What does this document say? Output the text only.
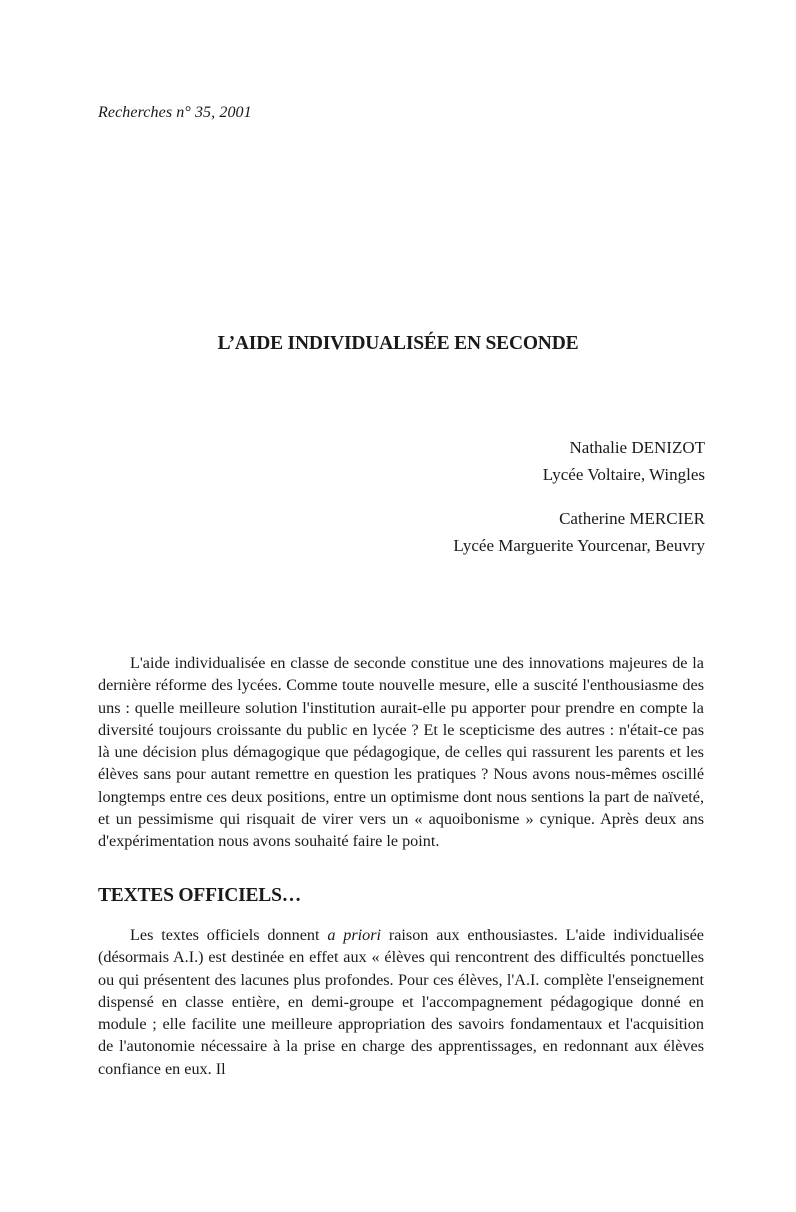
Recherches n° 35, 2001
L’AIDE INDIVIDUALISÉE EN SECONDE
Nathalie DENIZOT
Lycée Voltaire, Wingles
Catherine MERCIER
Lycée Marguerite Yourcenar, Beuvry

L'aide individualisée en classe de seconde constitue une des innovations majeures de la dernière réforme des lycées. Comme toute nouvelle mesure, elle a suscité l'enthousiasme des uns : quelle meilleure solution l'institution aurait-elle pu apporter pour prendre en compte la diversité toujours croissante du public en lycée ? Et le scepticisme des autres : n'était-ce pas là une décision plus démagogique que pédagogique, de celles qui rassurent les parents et les élèves sans pour autant remettre en question les pratiques ? Nous avons nous-mêmes oscillé longtemps entre ces deux positions, entre un optimisme dont nous sentions la part de naïveté, et un pessimisme qui risquait de virer vers un « aquoibonisme » cynique. Après deux ans d'expérimentation nous avons souhaité faire le point.

TEXTES OFFICIELS…

Les textes officiels donnent a priori raison aux enthousiastes. L'aide individualisée (désormais A.I.) est destinée en effet aux « élèves qui rencontrent des difficultés ponctuelles ou qui présentent des lacunes plus profondes. Pour ces élèves, l'A.I. complète l'enseignement dispensé en classe entière, en demi-groupe et l'accompagnement pédagogique donné en module ; elle facilite une meilleure appropriation des savoirs fondamentaux et l'acquisition de l'autonomie nécessaire à la prise en charge des apprentissages, en redonnant aux élèves confiance en eux. Il
